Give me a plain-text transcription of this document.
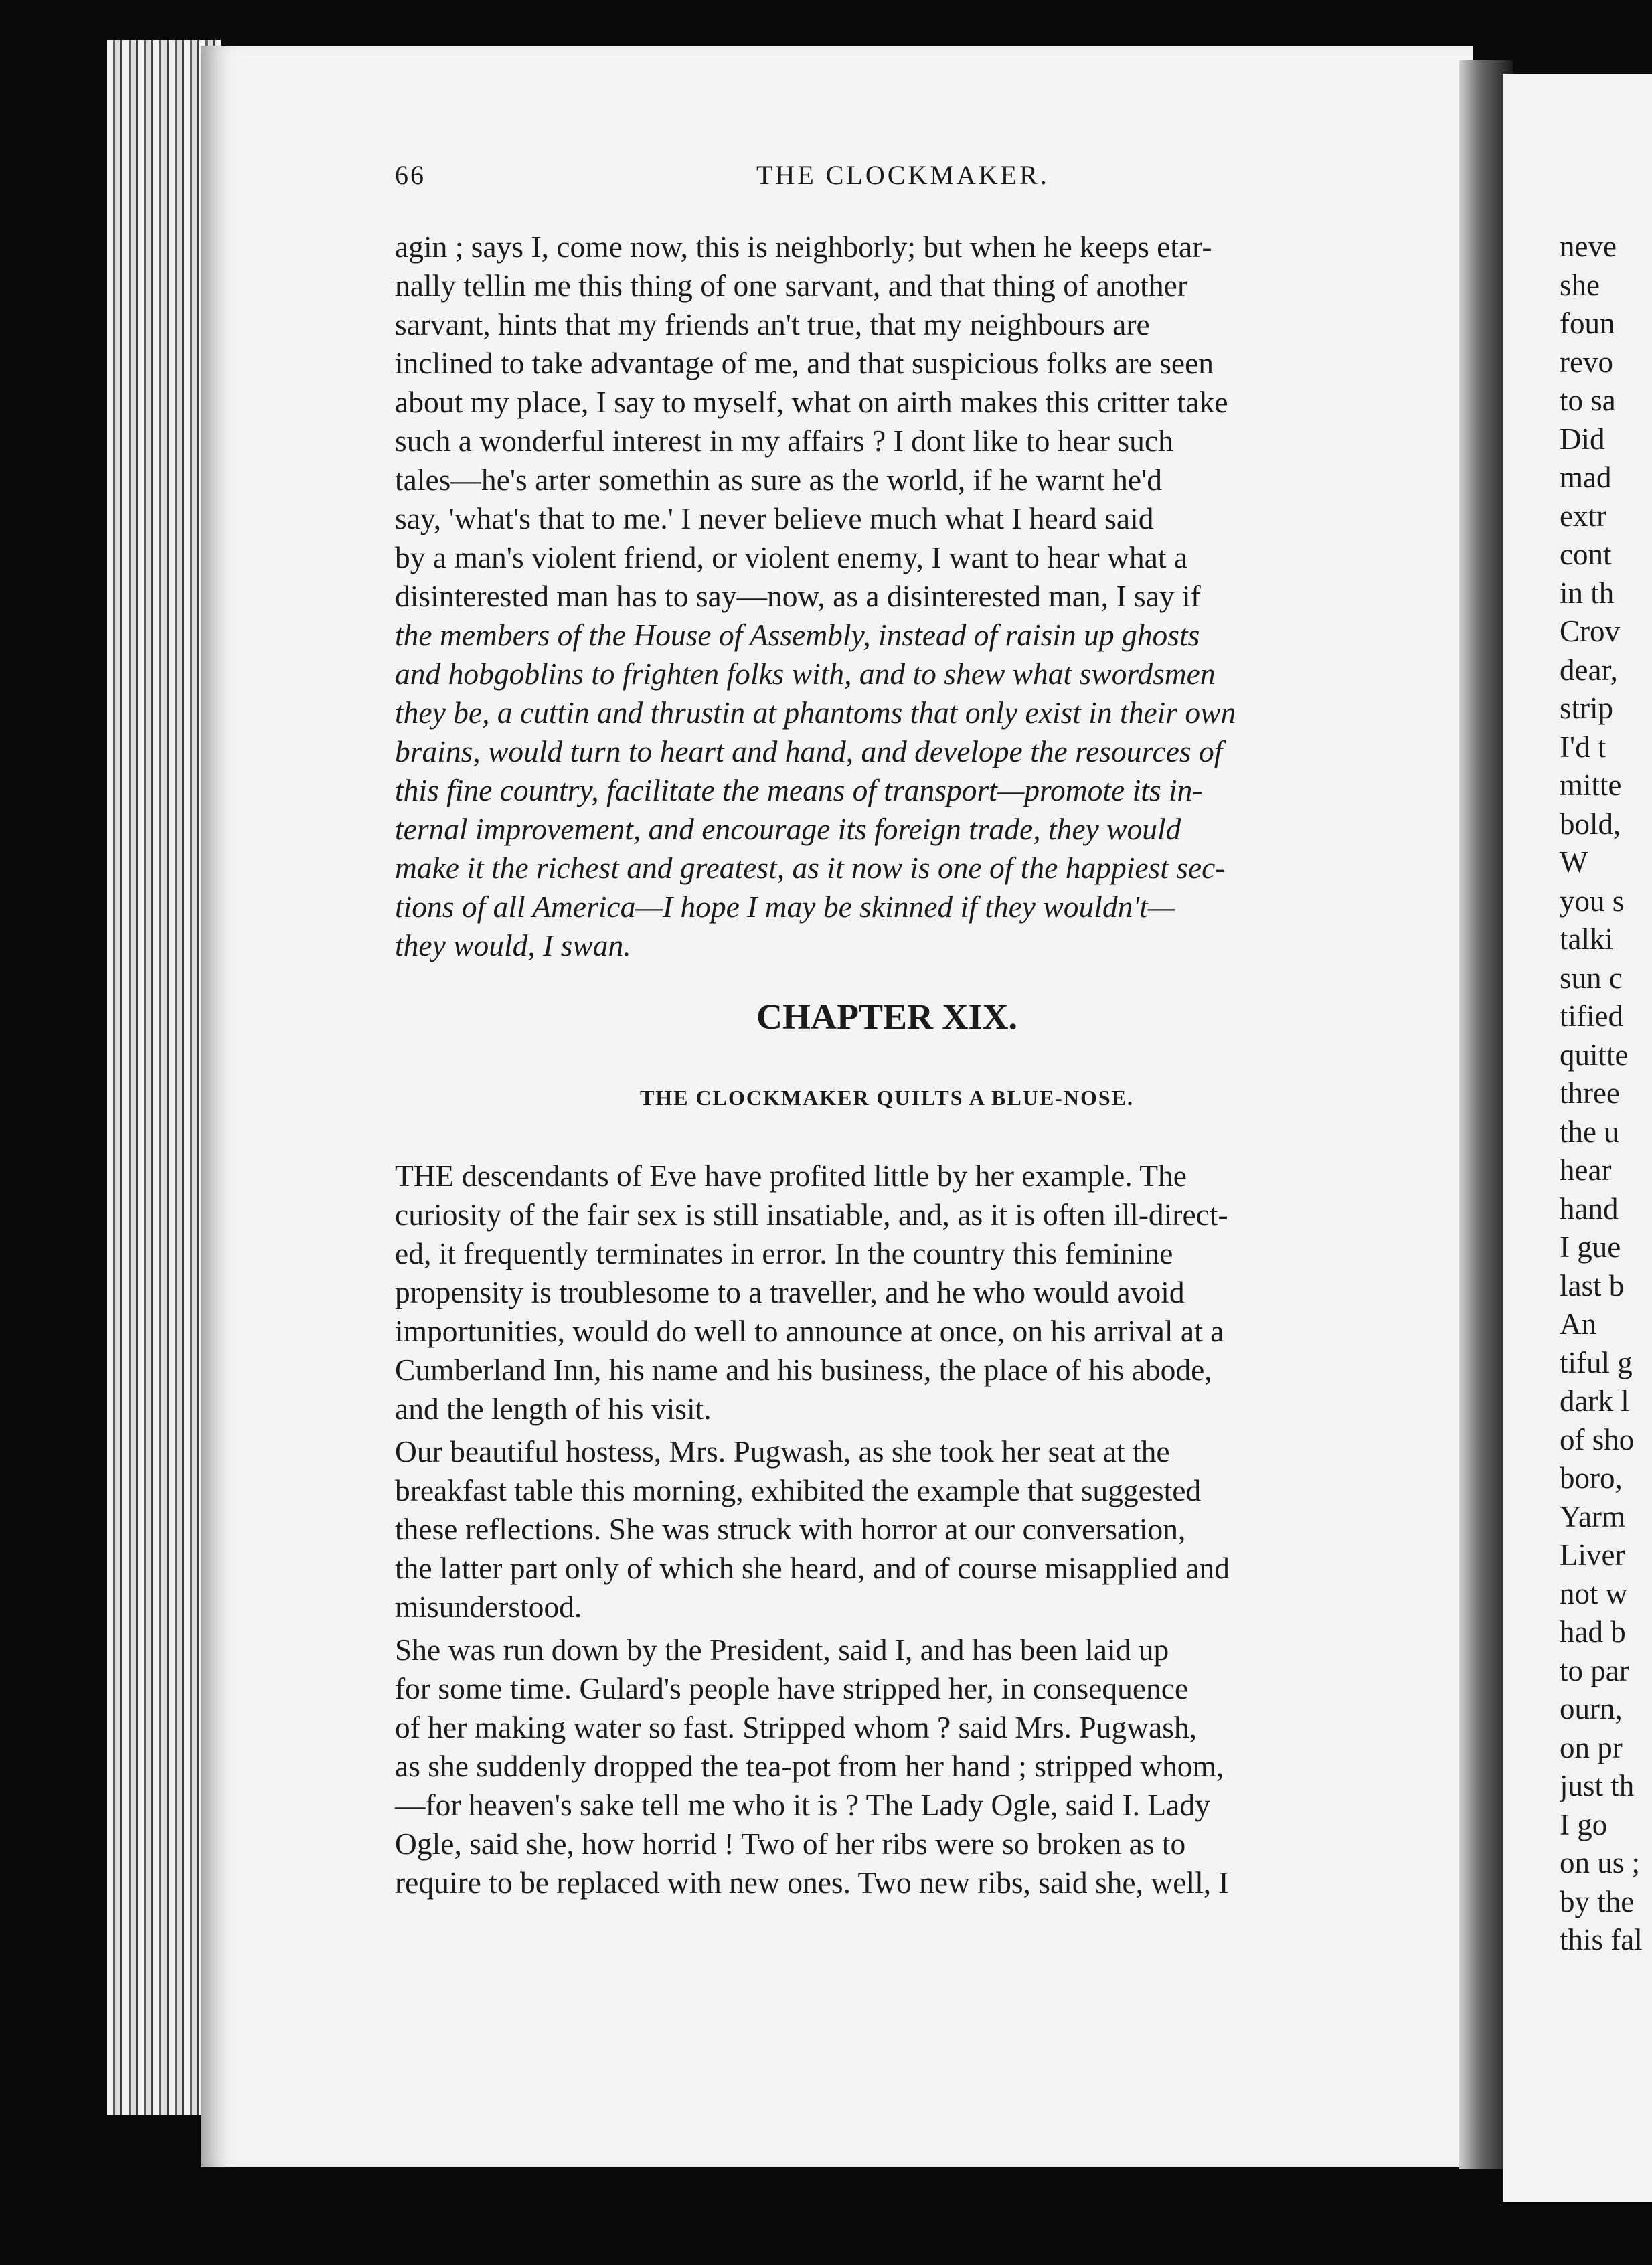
66	THE CLOCKMAKER.

agin ; says I, come now, this is neighborly; but when he keeps etar-
nally tellin me this thing of one sarvant, and that thing of another
sarvant, hints that my friends an't true, that my neighbours are
inclined to take advantage of me, and that suspicious folks are seen
about my place, I say to myself, what on airth makes this critter take
such a wonderful interest in my affairs ? I dont like to hear such
tales—he's arter somethin as sure as the world, if he warnt he'd
say, 'what's that to me.' I never believe much what I heard said
by a man's violent friend, or violent enemy, I want to hear what a
disinterested man has to say—now, as a disinterested man, I say if

the members of the House of Assembly, instead of raisin up ghosts
and hobgoblins to frighten folks with, and to shew what swordsmen
they be, a cuttin and thrustin at phantoms that only exist in their own
brains, would turn to heart and hand, and develope the resources of
this fine country, facilitate the means of transport—promote its in-
ternal improvement, and encourage its foreign trade, they would
make it the richest and greatest, as it now is one of the happiest sec-
tions of all America—I hope I may be skinned if they wouldn't—
they would, I swan.

CHAPTER XIX.
THE CLOCKMAKER QUILTS A BLUE-NOSE.

THE descendants of Eve have profited little by her example. The
curiosity of the fair sex is still insatiable, and, as it is often ill-direct-
ed, it frequently terminates in error. In the country this feminine
propensity is troublesome to a traveller, and he who would avoid
importunities, would do well to announce at once, on his arrival at a
Cumberland Inn, his name and his business, the place of his abode,
and the length of his visit.

Our beautiful hostess, Mrs. Pugwash, as she took her seat at the
breakfast table this morning, exhibited the example that suggested
these reflections. She was struck with horror at our conversation,
the latter part only of which she heard, and of course misapplied and
misunderstood.

She was run down by the President, said I, and has been laid up
for some time. Gulard's people have stripped her, in consequence
of her making water so fast. Stripped whom ? said Mrs. Pugwash,
as she suddenly dropped the tea-pot from her hand ; stripped whom,
—for heaven's sake tell me who it is ? The Lady Ogle, said I. Lady
Ogle, said she, how horrid ! Two of her ribs were so broken as to
require to be replaced with new ones. Two new ribs, said she, well, I

neve
she
foun
revo
to sa
Did
mad
extr
cont
in th
Crov
dear,
strip
I'd t
mitte
bold,
W
you s
talki
sun c
tified
quitte
three
the u
hear
hand
I gue
last b
An
tiful g
dark l
of sho
boro,
Yarm
Liver
not w
had b
to par
ourn,
on pr
just th
I go
on us ;
by the
this fal
